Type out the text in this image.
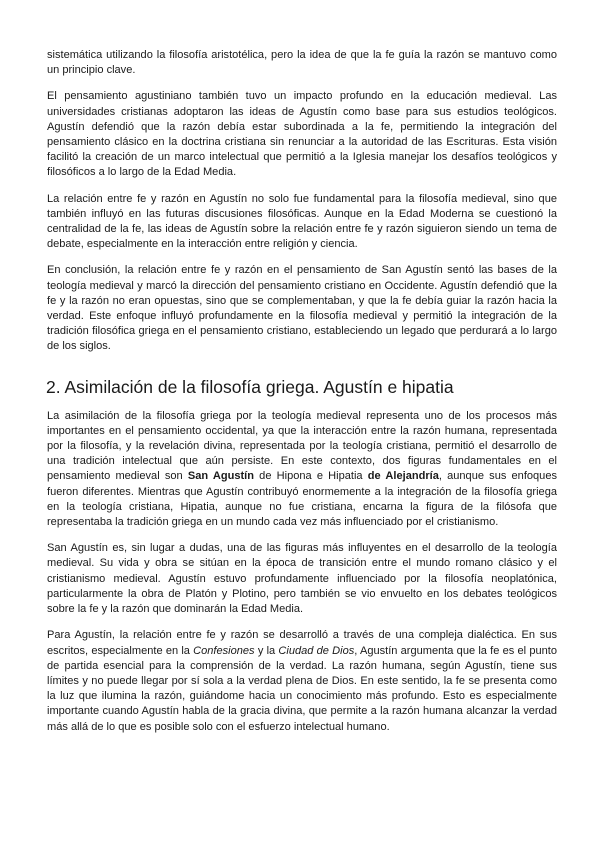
sistemática utilizando la filosofía aristotélica, pero la idea de que la fe guía la razón se mantuvo como un principio clave.

El pensamiento agustiniano también tuvo un impacto profundo en la educación medieval. Las universidades cristianas adoptaron las ideas de Agustín como base para sus estudios teológicos. Agustín defendió que la razón debía estar subordinada a la fe, permitiendo la integración del pensamiento clásico en la doctrina cristiana sin renunciar a la autoridad de las Escrituras. Esta visión facilitó la creación de un marco intelectual que permitió a la Iglesia manejar los desafíos teológicos y filosóficos a lo largo de la Edad Media.

La relación entre fe y razón en Agustín no solo fue fundamental para la filosofía medieval, sino que también influyó en las futuras discusiones filosóficas. Aunque en la Edad Moderna se cuestionó la centralidad de la fe, las ideas de Agustín sobre la relación entre fe y razón siguieron siendo un tema de debate, especialmente en la interacción entre religión y ciencia.

En conclusión, la relación entre fe y razón en el pensamiento de San Agustín sentó las bases de la teología medieval y marcó la dirección del pensamiento cristiano en Occidente. Agustín defendió que la fe y la razón no eran opuestas, sino que se complementaban, y que la fe debía guiar la razón hacia la verdad. Este enfoque influyó profundamente en la filosofía medieval y permitió la integración de la tradición filosófica griega en el pensamiento cristiano, estableciendo un legado que perdurará a lo largo de los siglos.

2. Asimilación de la filosofía griega. Agustín e hipatia

La asimilación de la filosofía griega por la teología medieval representa uno de los procesos más importantes en el pensamiento occidental, ya que la interacción entre la razón humana, representada por la filosofía, y la revelación divina, representada por la teología cristiana, permitió el desarrollo de una tradición intelectual que aún persiste. En este contexto, dos figuras fundamentales en el pensamiento medieval son San Agustín de Hipona e Hipatia de Alejandría, aunque sus enfoques fueron diferentes. Mientras que Agustín contribuyó enormemente a la integración de la filosofía griega en la teología cristiana, Hipatia, aunque no fue cristiana, encarna la figura de la filósofa que representaba la tradición griega en un mundo cada vez más influenciado por el cristianismo.

San Agustín es, sin lugar a dudas, una de las figuras más influyentes en el desarrollo de la teología medieval. Su vida y obra se sitúan en la época de transición entre el mundo romano clásico y el cristianismo medieval. Agustín estuvo profundamente influenciado por la filosofía neoplatónica, particularmente la obra de Platón y Plotino, pero también se vio envuelto en los debates teológicos sobre la fe y la razón que dominarán la Edad Media.

Para Agustín, la relación entre fe y razón se desarrolló a través de una compleja dialéctica. En sus escritos, especialmente en la Confesiones y la Ciudad de Dios, Agustín argumenta que la fe es el punto de partida esencial para la comprensión de la verdad. La razón humana, según Agustín, tiene sus límites y no puede llegar por sí sola a la verdad plena de Dios. En este sentido, la fe se presenta como la luz que ilumina la razón, guiándome hacia un conocimiento más profundo. Esto es especialmente importante cuando Agustín habla de la gracia divina, que permite a la razón humana alcanzar la verdad más allá de lo que es posible solo con el esfuerzo intelectual humano.
